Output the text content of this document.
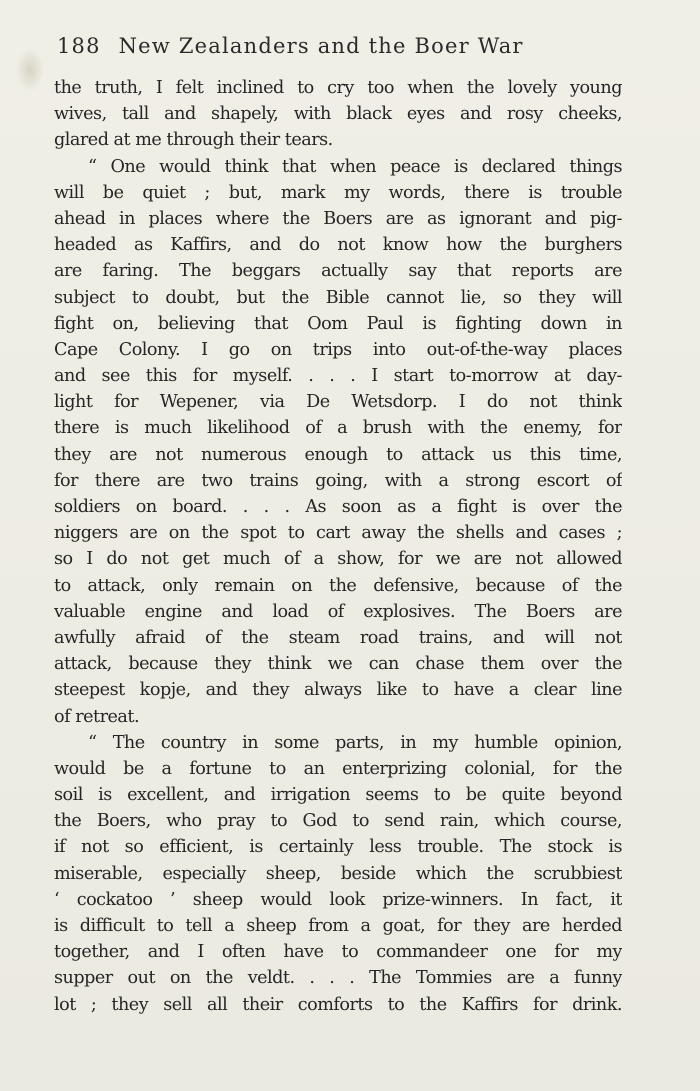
188 New Zealanders and the Boer War
the truth, I felt inclined to cry too when the lovely young
wives, tall and shapely, with black eyes and rosy cheeks,
glared at me through their tears.
“ One would think that when peace is declared things
will be quiet ; but, mark my words, there is trouble
ahead in places where the Boers are as ignorant and pig-
headed as Kaffirs, and do not know how the burghers
are faring. The beggars actually say that reports are
subject to doubt, but the Bible cannot lie, so they will
fight on, believing that Oom Paul is fighting down in
Cape Colony. I go on trips into out-of-the-way places
and see this for myself. . . . I start to-morrow at day-
light for Wepener, via De Wetsdorp. I do not think
there is much likelihood of a brush with the enemy, for
they are not numerous enough to attack us this time,
for there are two trains going, with a strong escort of
soldiers on board. . . . As soon as a fight is over the
niggers are on the spot to cart away the shells and cases ;
so I do not get much of a show, for we are not allowed
to attack, only remain on the defensive, because of the
valuable engine and load of explosives. The Boers are
awfully afraid of the steam road trains, and will not
attack, because they think we can chase them over the
steepest kopje, and they always like to have a clear line
of retreat.
“ The country in some parts, in my humble opinion,
would be a fortune to an enterprizing colonial, for the
soil is excellent, and irrigation seems to be quite beyond
the Boers, who pray to God to send rain, which course,
if not so efficient, is certainly less trouble. The stock is
miserable, especially sheep, beside which the scrubbiest
‘ cockatoo ’ sheep would look prize-winners. In fact, it
is difficult to tell a sheep from a goat, for they are herded
together, and I often have to commandeer one for my
supper out on the veldt. . . . The Tommies are a funny
lot ; they sell all their comforts to the Kaffirs for drink.
